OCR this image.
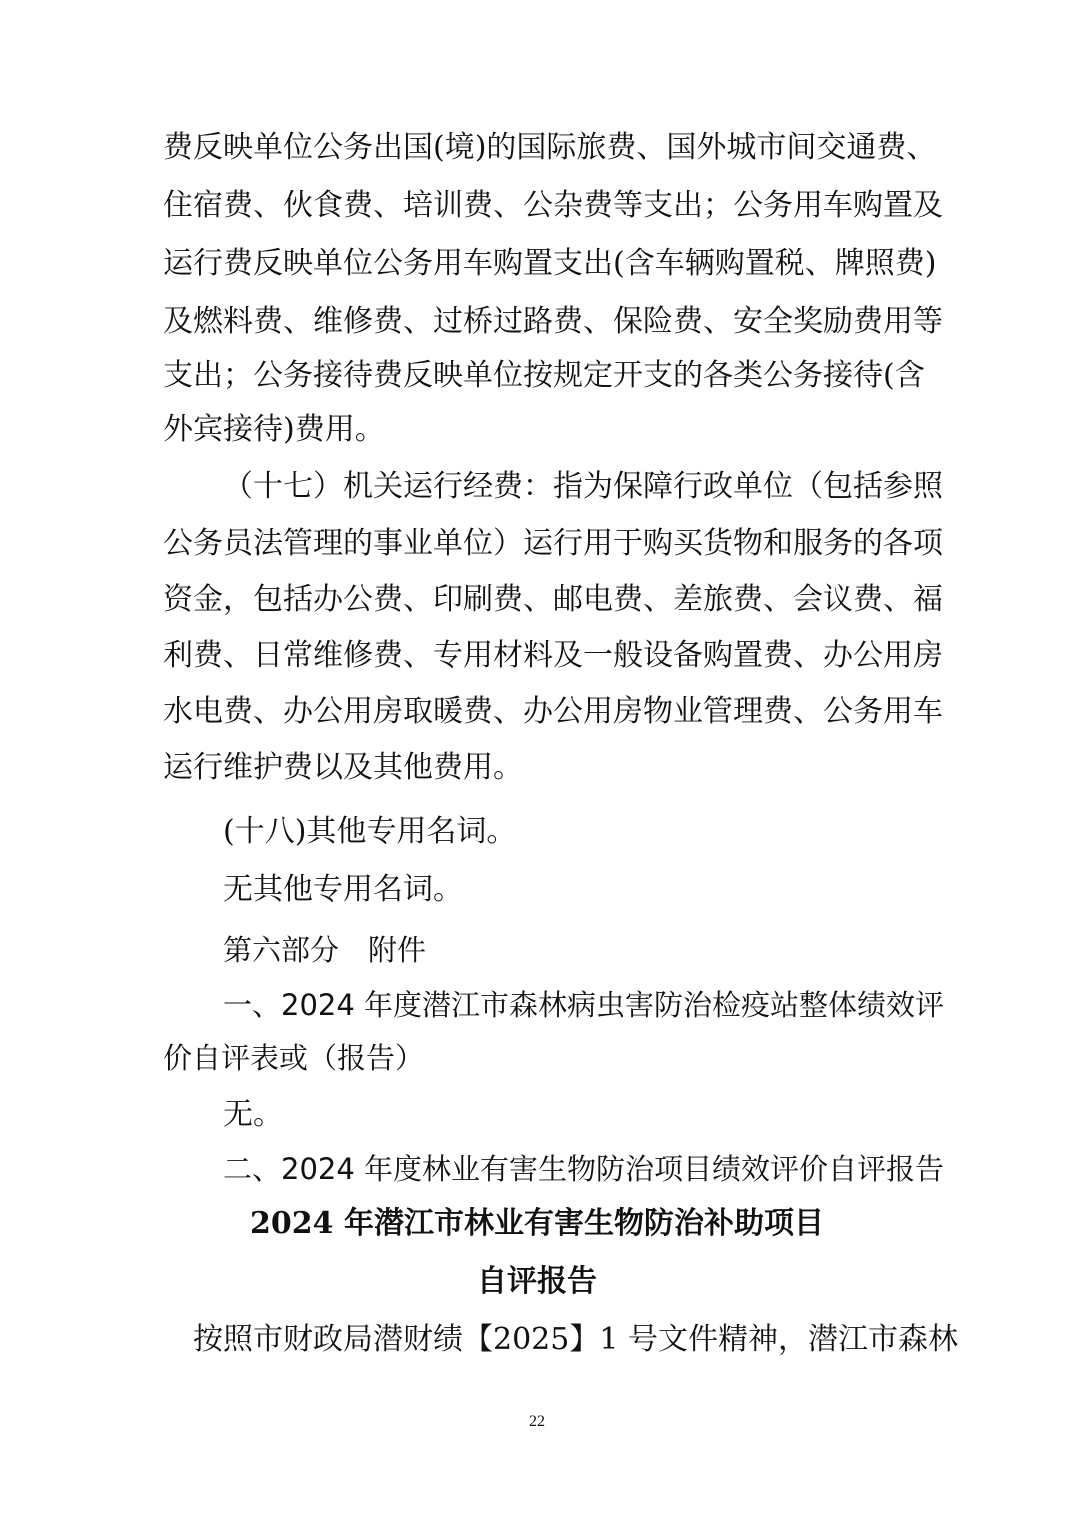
费反映单位公务出国(境)的国际旅费、国外城市间交通费、
住宿费、伙食费、培训费、公杂费等支出；公务用车购置及
运行费反映单位公务用车购置支出(含车辆购置税、牌照费)
及燃料费、维修费、过桥过路费、保险费、安全奖励费用等
支出；公务接待费反映单位按规定开支的各类公务接待(含
外宾接待)费用。
（十七）机关运行经费：指为保障行政单位（包括参照
公务员法管理的事业单位）运行用于购买货物和服务的各项
资金，包括办公费、印刷费、邮电费、差旅费、会议费、福
利费、日常维修费、专用材料及一般设备购置费、办公用房
水电费、办公用房取暖费、办公用房物业管理费、公务用车
运行维护费以及其他费用。
(十八)其他专用名词。
无其他专用名词。
第六部分　附件
一、2024 年度潜江市森林病虫害防治检疫站整体绩效评
价自评表或（报告）
无。
二、2024 年度林业有害生物防治项目绩效评价自评报告
2024 年潜江市林业有害生物防治补助项目
自评报告
按照市财政局潜财绩【2025】1 号文件精神，潜江市森林
22
